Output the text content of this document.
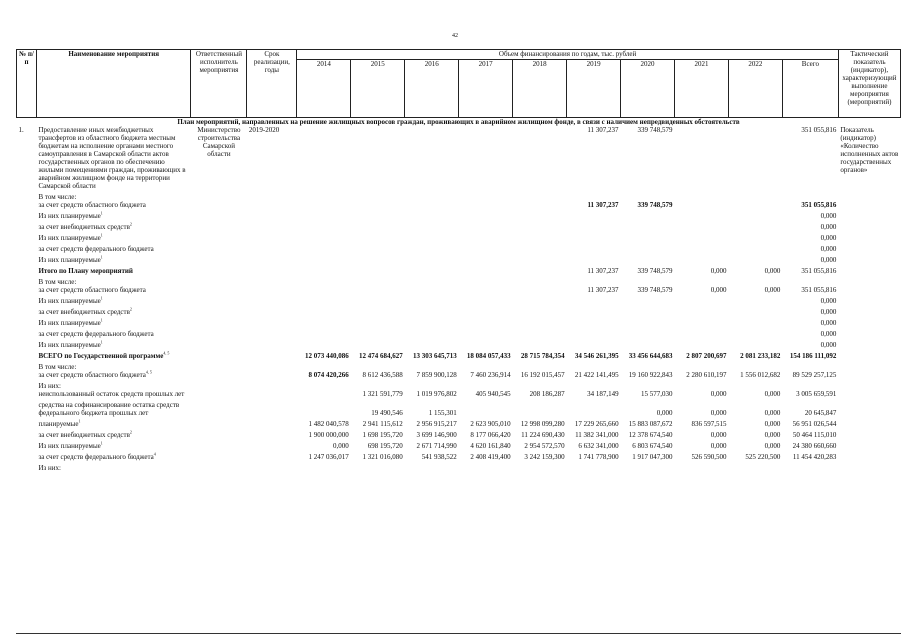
42
№ п/п	Наименование мероприятия	Ответственный исполнитель мероприятия	Срок реализации, годы	Объем финансирования по годам, тыс. рублей										Тактический показатель (индикатор), характеризующий выполнение мероприятия (мероприятий)
				2014	2015	2016	2017	2018	2019	2020	2021	2022	Всего	
План мероприятий, направленных на решение жилищных вопросов граждан, проживающих в аварийном жилищном фонде, в связи с наличием непредвиденных обстоятельств														
1.	Предоставление иных межбюджетных трансфертов из областного бюджета местным бюджетам на исполнение органами местного самоуправления в Самарской области актов государственных органов по обеспечению жилыми помещениями граждан, проживающих в аварийном жилищном фонде на территории Самарской области	Министерство строительства Самарской области	2019-2020						11 307,237	339 748,579			351 055,816	Показатель (индикатор) «Количество исполненных актов государственных органов»
	В том числе:
за счет средств областного бюджета								11 307,237	339 748,579			351 055,816	
	Из них планируемые$^1$												0,000	
	за счет внебюджетных средств$^2$												0,000	
	Из них планируемые$^1$												0,000	
	за счет средств федерального бюджета												0,000	
	Из них планируемые$^1$												0,000	
	Итого по Плану мероприятий								11 307,237	339 748,579	0,000	0,000	351 055,816	
	В том числе:
за счет средств областного бюджета								11 307,237	339 748,579	0,000	0,000	351 055,816	
	Из них планируемые$^1$												0,000	
	за счет внебюджетных средств$^2$												0,000	
	Из них планируемые$^1$												0,000	
	за счет средств федерального бюджета												0,000	
	Из них планируемые$^1$												0,000	
	ВСЕГО по Государственной программе$^{4, 5}$			12 073 440,086	12 474 684,627	13 303 645,713	18 084 057,433	28 715 784,354	34 546 261,395	33 456 644,683	2 807 200,697	2 081 233,182	154 186 111,092	
	В том числе:
за счет средств областного бюджета$^{4, 5}$			8 074 420,266	8 612 436,588	7 859 900,128	7 460 236,914	16 192 015,457	21 422 141,495	19 160 922,843	2 280 610,197	1 556 012,682	89 529 257,125	
	Из них:
неиспользованный остаток средств прошлых лет				1 321 591,779	1 019 976,802	405 940,545	208 186,287	34 187,149	15 577,030	0,000	0,000	3 005 659,591	
	средства на софинансирование остатка средств федерального бюджета прошлых лет				19 490,546	1 155,301				0,000	0,000	0,000	20 645,847	
	планируемые$^1$			1 482 040,578	2 941 115,612	2 956 915,217	2 623 905,010	12 998 099,280	17 229 265,660	15 883 087,672	836 597,515	0,000	56 951 026,544	
	за счет внебюджетных средств$^2$			1 900 000,000	1 698 195,720	3 699 146,900	8 177 066,420	11 224 690,430	11 382 341,000	12 378 674,540	0,000	0,000	50 464 115,010	
	Из них планируемые$^1$			0,000	698 195,720	2 671 714,990	4 620 161,840	2 954 572,570	6 632 341,000	6 803 674,540	0,000	0,000	24 380 660,660	
	за счет средств федерального бюджета$^4$			1 247 036,017	1 321 016,080	541 938,522	2 408 419,400	3 242 159,300	1 741 778,900	1 917 047,300	526 590,500	525 220,500	11 454 420,283	
	Из них:													
